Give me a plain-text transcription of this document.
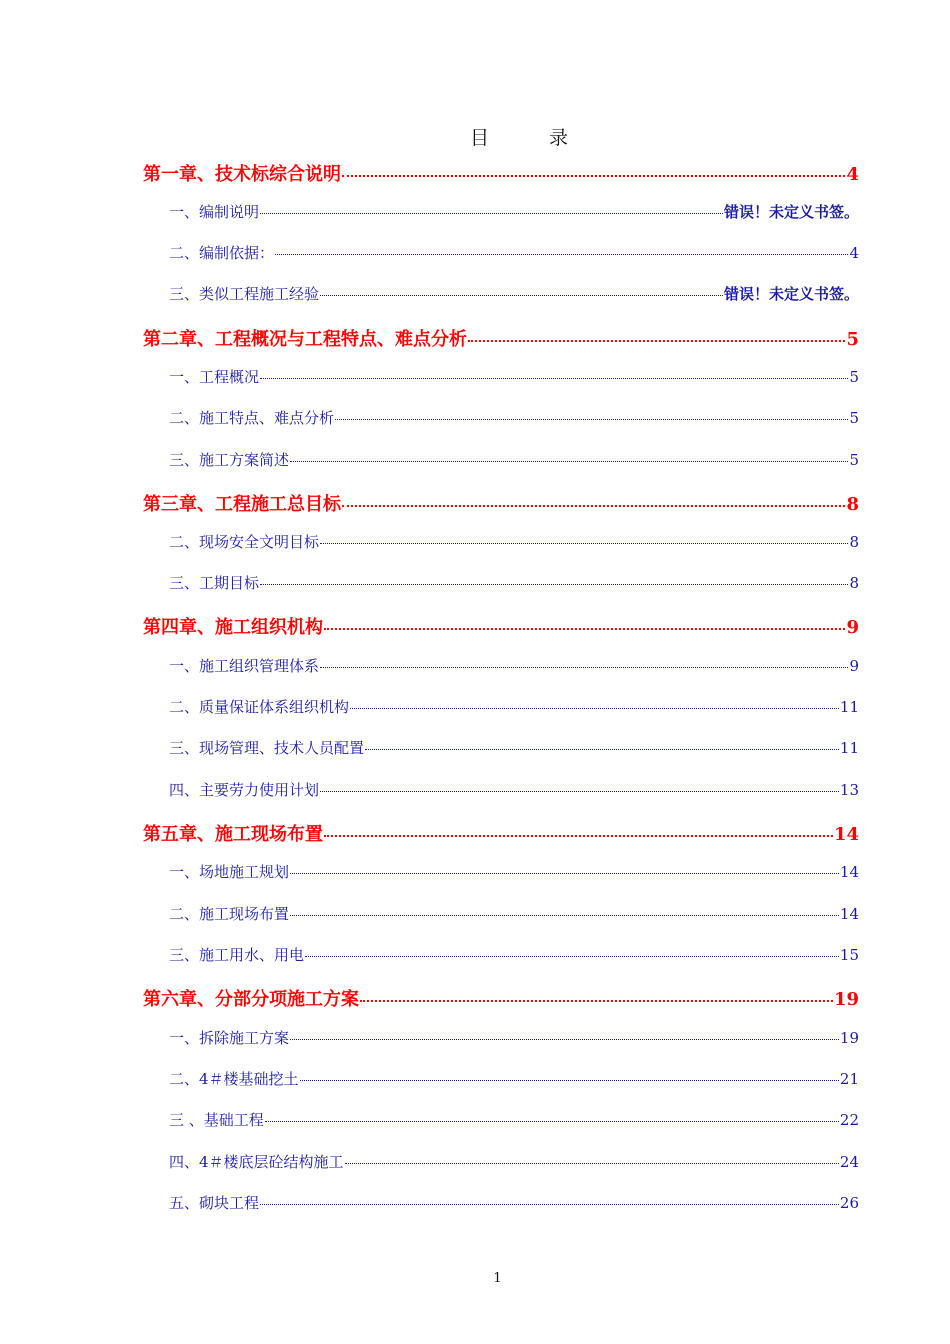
目	录
第一章、技术标综合说明	4
一、编制说明	错误！未定义书签。
二、编制依据：	4
三、类似工程施工经验	错误！未定义书签。
第二章、工程概况与工程特点、难点分析	5
一、工程概况	5
二、施工特点、难点分析	5
三、施工方案简述	5
第三章、工程施工总目标	8
二、现场安全文明目标	8
三、工期目标	8
第四章、施工组织机构	9
一、施工组织管理体系	9
二、质量保证体系组织机构	11
三、现场管理、技术人员配置	11
四、主要劳力使用计划	13
第五章、施工现场布置	14
一、场地施工规划	14
二、施工现场布置	14
三、施工用水、用电	15
第六章、分部分项施工方案	19
一、拆除施工方案	19
二、4＃楼基础挖土	21
三 、基础工程	22
四、4＃楼底层砼结构施工	24
五、砌块工程	26
1
